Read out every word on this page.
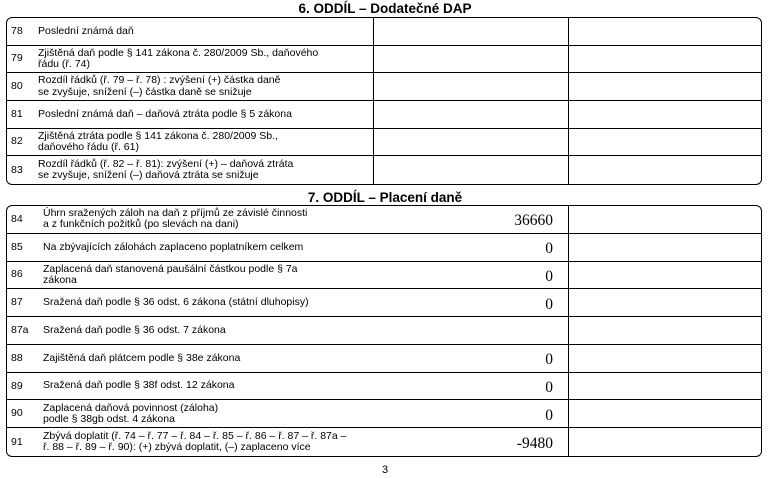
6. ODDÍL – Dodatečné DAP
78 Poslední známá daň
79 Zjištěná daň podle § 141 zákona č. 280/2009 Sb., daňového
řádu (ř. 74)
80 Rozdíl řádků (ř. 79 – ř. 78) : zvýšení (+) částka daně
se zvyšuje, snížení (–) částka daně se snižuje
81 Poslední známá daň – daňová ztráta podle § 5 zákona
82 Zjištěná ztráta podle § 141 zákona č. 280/2009 Sb.,
daňového řádu (ř. 61)
83 Rozdíl řádků (ř. 82 – ř. 81): zvýšení (+) – daňová ztráta
se zvyšuje, snížení (–) daňová ztráta se snižuje
7. ODDÍL – Placení daně
84 Úhrn sražených záloh na daň z příjmů ze závislé činnosti
a z funkčních požitků (po slevách na dani)	36660
85 Na zbývajících zálohách zaplaceno poplatníkem celkem	0
86 Zaplacená daň stanovená paušální částkou podle § 7a
zákona	0
87 Sražená daň podle § 36 odst. 6 zákona (státní dluhopisy)	0
87a Sražená daň podle § 36 odst. 7 zákona
88 Zajištěná daň plátcem podle § 38e zákona	0
89 Sražená daň podle § 38f odst. 12 zákona	0
90 Zaplacená daňová povinnost (záloha)
podle § 38gb odst. 4 zákona	0
91 Zbývá doplatit (ř. 74 – ř. 77 – ř. 84 – ř. 85 – ř. 86 – ř. 87 – ř. 87a –
ř. 88 – ř. 89 – ř. 90): (+) zbývá doplatit, (–) zaplaceno více	-9480
3
